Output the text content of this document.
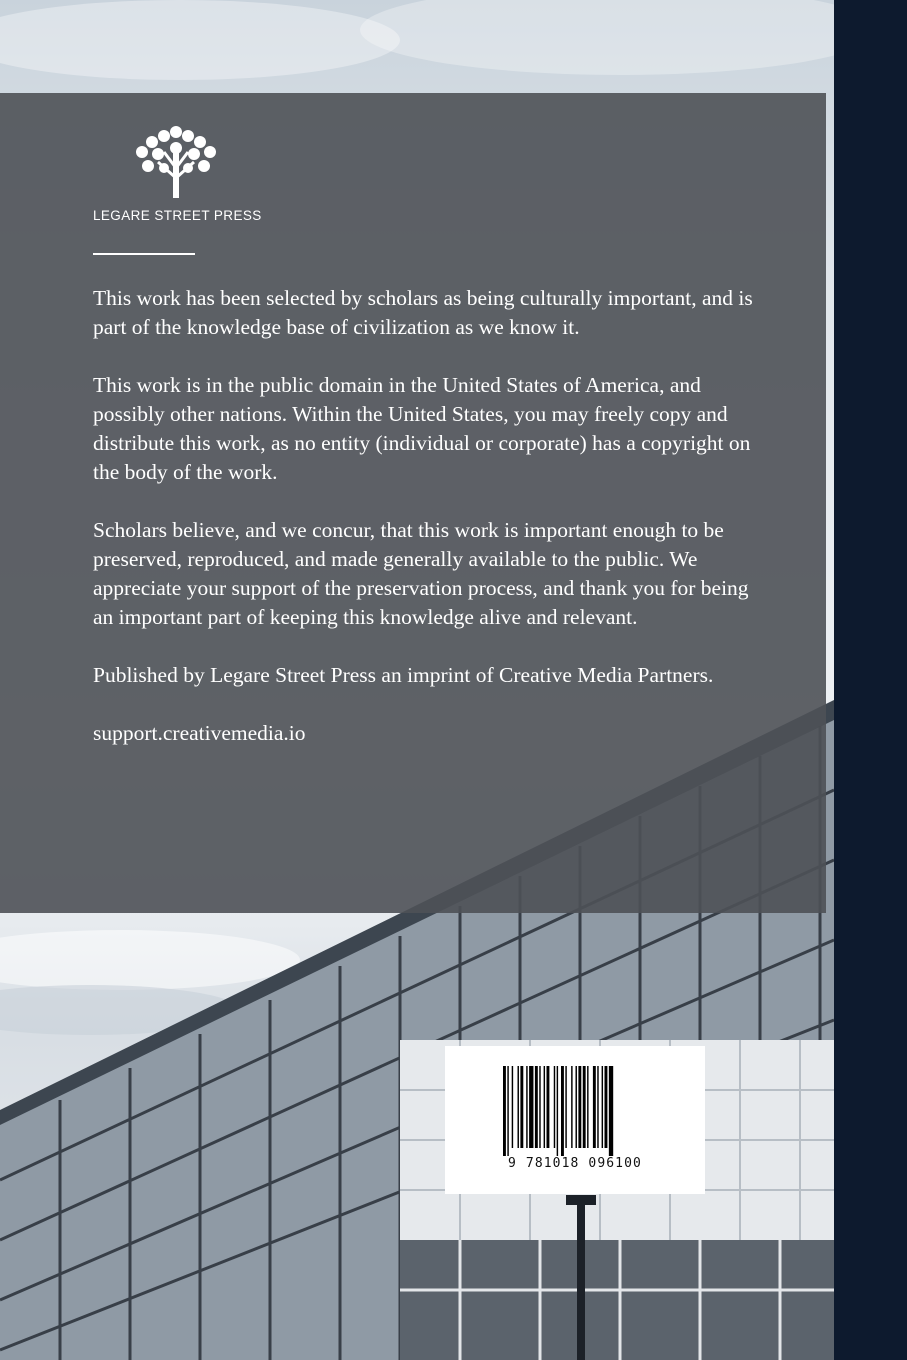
LEGARE STREET PRESS

This work has been selected by scholars as being culturally important, and is part of the knowledge base of civilization as we know it.

This work is in the public domain in the United States of America, and possibly other nations. Within the United States, you may freely copy and distribute this work, as no entity (individual or corporate) has a copyright on the body of the work.

Scholars believe, and we concur, that this work is important enough to be preserved, reproduced, and made generally available to the public. We appreciate your support of the preservation process, and thank you for being an important part of keeping this knowledge alive and relevant.

Published by Legare Street Press an imprint of Creative Media Partners.

support.creativemedia.io

9 781018 096100
